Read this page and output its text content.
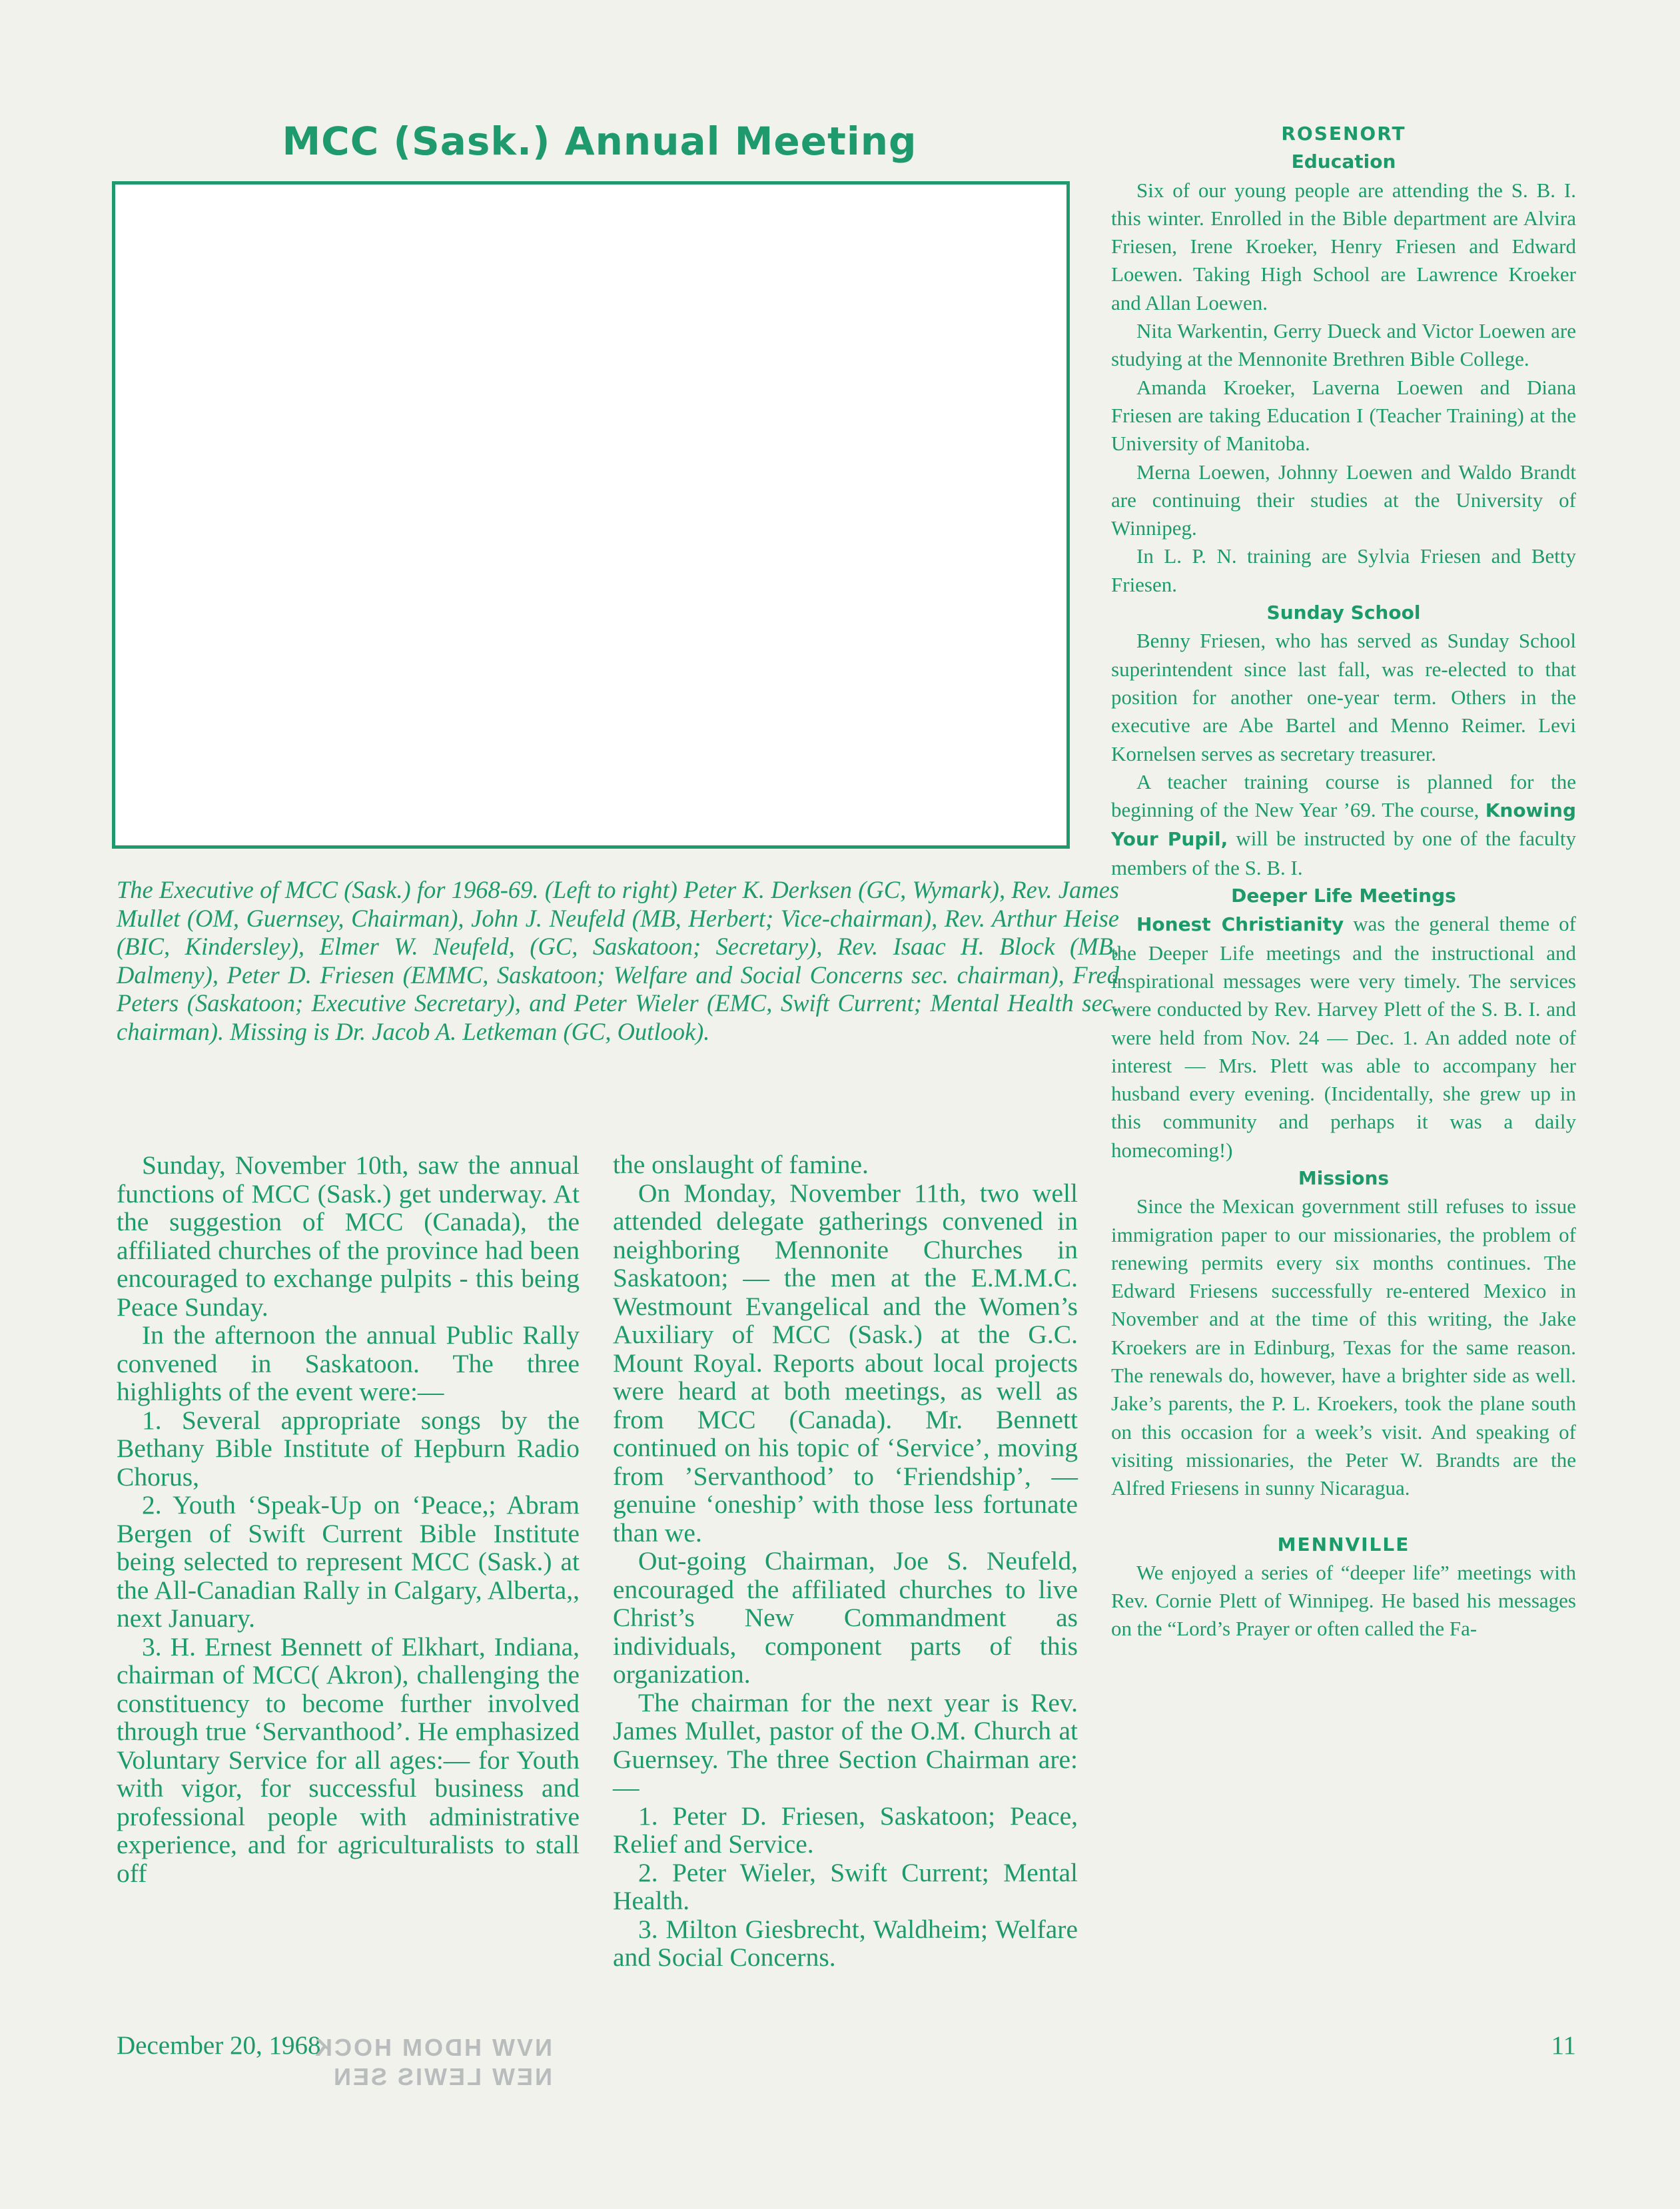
MCC (Sask.) Annual Meeting
The Executive of MCC (Sask.) for 1968-69. (Left to right) Peter K. Derksen (GC, Wymark), Rev. James Mullet (OM, Guernsey, Chairman), John J. Neufeld (MB, Herbert; Vice-chairman), Rev. Arthur Heise (BIC, Kindersley), Elmer W. Neufeld, (GC, Saskatoon; Secretary), Rev. Isaac H. Block (MB, Dalmeny), Peter D. Friesen (EMMC, Saskatoon; Welfare and Social Concerns sec. chairman), Fred Peters (Saskatoon; Executive Secretary), and Peter Wieler (EMC, Swift Current; Mental Health sec. chairman). Missing is Dr. Jacob A. Letkeman (GC, Outlook).

Sunday, November 10th, saw the annual functions of MCC (Sask.) get underway. At the suggestion of MCC (Canada), the affiliated churches of the province had been encouraged to exchange pulpits - this being Peace Sunday.

In the afternoon the annual Public Rally convened in Saskatoon. The three highlights of the event were:—

1. Several appropriate songs by the Bethany Bible Institute of Hepburn Radio Chorus,

2. Youth ‘Speak-Up on ‘Peace,; Abram Bergen of Swift Current Bible Institute being selected to represent MCC (Sask.) at the All-Canadian Rally in Calgary, Alberta,, next January.

3. H. Ernest Bennett of Elkhart, Indiana, chairman of MCC( Akron), challenging the constituency to become further involved through true ‘Servanthood’. He emphasized Voluntary Service for all ages:— for Youth with vigor, for successful business and professional people with administrative experience, and for agriculturalists to stall off

the onslaught of famine.

On Monday, November 11th, two well attended delegate gatherings convened in neighboring Mennonite Churches in Saskatoon; — the men at the E.M.M.C. Westmount Evangelical and the Women’s Auxiliary of MCC (Sask.) at the G.C. Mount Royal. Reports about local projects were heard at both meetings, as well as from MCC (Canada). Mr. Bennett continued on his topic of ‘Service’, moving from ’Servanthood’ to ‘Friendship’, — genuine ‘oneship’ with those less fortunate than we.

Out-going Chairman, Joe S. Neufeld, encouraged the affiliated churches to live Christ’s New Commandment as individuals, component parts of this organization.

The chairman for the next year is Rev. James Mullet, pastor of the O.M. Church at Guernsey. The three Section Chairman are:—

1. Peter D. Friesen, Saskatoon; Peace, Relief and Service.

2. Peter Wieler, Swift Current; Mental Health.

3. Milton Giesbrecht, Waldheim; Welfare and Social Concerns.

ROSENORT

Education

Six of our young people are attending the S. B. I. this winter. Enrolled in the Bible department are Alvira Friesen, Irene Kroeker, Henry Friesen and Edward Loewen. Taking High School are Lawrence Kroeker and Allan Loewen.

Nita Warkentin, Gerry Dueck and Victor Loewen are studying at the Mennonite Brethren Bible College.

Amanda Kroeker, Laverna Loewen and Diana Friesen are taking Education I (Teacher Training) at the University of Manitoba.

Merna Loewen, Johnny Loewen and Waldo Brandt are continuing their studies at the University of Winnipeg.

In L. P. N. training are Sylvia Friesen and Betty Friesen.

Sunday School

Benny Friesen, who has served as Sunday School superintendent since last fall, was re-elected to that position for another one-year term. Others in the executive are Abe Bartel and Menno Reimer. Levi Kornelsen serves as secretary treasurer.

A teacher training course is planned for the beginning of the New Year ’69. The course, Knowing Your Pupil, will be instructed by one of the faculty members of the S. B. I.

Deeper Life Meetings

Honest Christianity was the general theme of the Deeper Life meetings and the instructional and inspirational messages were very timely. The services were conducted by Rev. Harvey Plett of the S. B. I. and were held from Nov. 24 — Dec. 1. An added note of interest — Mrs. Plett was able to accompany her husband every evening. (Incidentally, she grew up in this community and perhaps it was a daily homecoming!)

Missions

Since the Mexican government still refuses to issue immigration paper to our missionaries, the problem of renewing permits every six months continues. The Edward Friesens successfully re-entered Mexico in November and at the time of this writing, the Jake Kroekers are in Edinburg, Texas for the same reason. The renewals do, however, have a brighter side as well. Jake’s parents, the P. L. Kroekers, took the plane south on this occasion for a week’s visit. And speaking of visiting missionaries, the Peter W. Brandts are the Alfred Friesens in sunny Nicaragua.

MENNVILLE

We enjoyed a series of “deeper life” meetings with Rev. Cornie Plett of Winnipeg. He based his messages on the “Lord’s Prayer or often called the Fa-

December 20, 1968
NVW HDOM HOCK
NEW LEWIS SEN
11
